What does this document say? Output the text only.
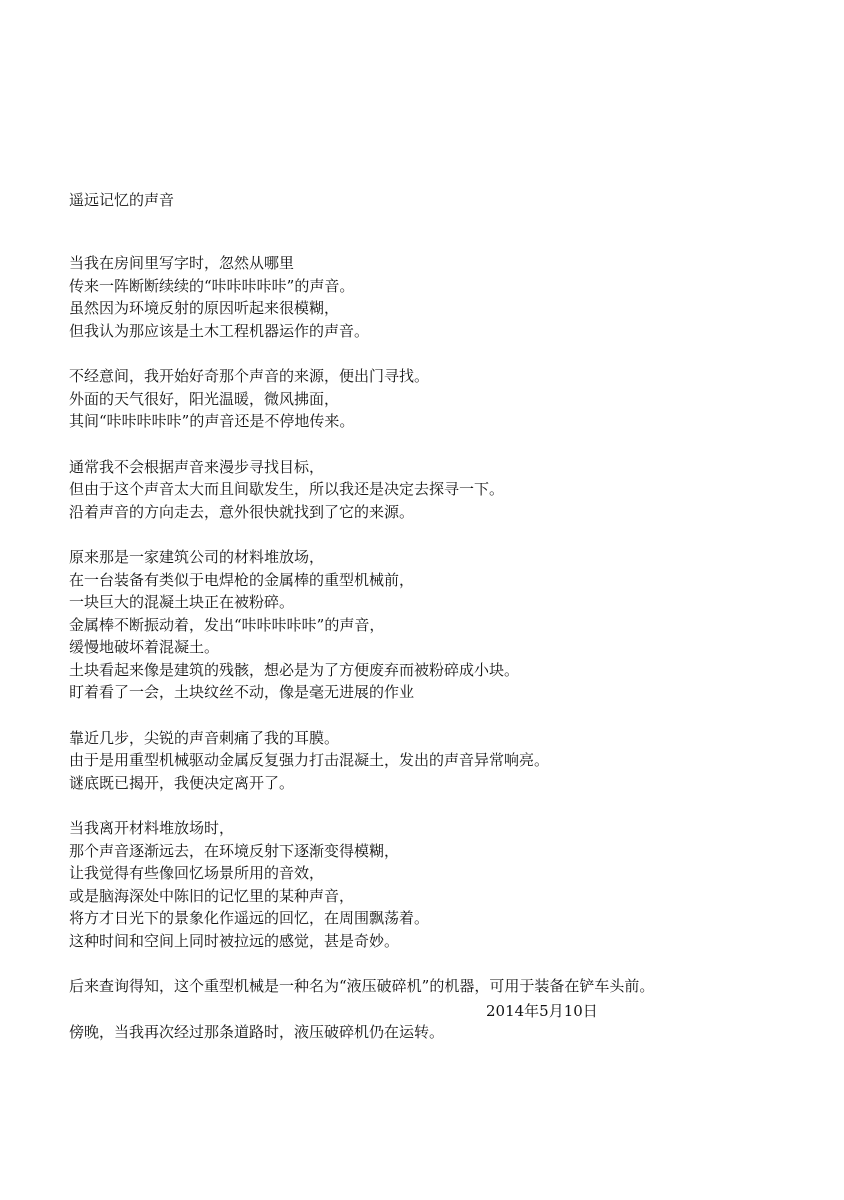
遥远记忆的声音
当我在房间里写字时，忽然从哪里
传来一阵断断续续的“咔咔咔咔咔”的声音。
虽然因为环境反射的原因听起来很模糊，
但我认为那应该是土木工程机器运作的声音。
不经意间，我开始好奇那个声音的来源，便出门寻找。
外面的天气很好，阳光温暖，微风拂面，
其间“咔咔咔咔咔”的声音还是不停地传来。
通常我不会根据声音来漫步寻找目标，
但由于这个声音太大而且间歇发生，所以我还是决定去探寻一下。
沿着声音的方向走去，意外很快就找到了它的来源。
原来那是一家建筑公司的材料堆放场，
在一台装备有类似于电焊枪的金属棒的重型机械前，
一块巨大的混凝土块正在被粉碎。
金属棒不断振动着，发出“咔咔咔咔咔”的声音，
缓慢地破坏着混凝土。
土块看起来像是建筑的残骸，想必是为了方便废弃而被粉碎成小块。
盯着看了一会，土块纹丝不动，像是毫无进展的作业
靠近几步，尖锐的声音刺痛了我的耳膜。
由于是用重型机械驱动金属反复强力打击混凝土，发出的声音异常响亮。
谜底既已揭开，我便决定离开了。
当我离开材料堆放场时，
那个声音逐渐远去，在环境反射下逐渐变得模糊，
让我觉得有些像回忆场景所用的音效，
或是脑海深处中陈旧的记忆里的某种声音，
将方才日光下的景象化作遥远的回忆，在周围飘荡着。
这种时间和空间上同时被拉远的感觉，甚是奇妙。
后来查询得知，这个重型机械是一种名为“液压破碎机”的机器，可用于装备在铲车头前。
傍晚，当我再次经过那条道路时，液压破碎机仍在运转。
2014年5月10日
